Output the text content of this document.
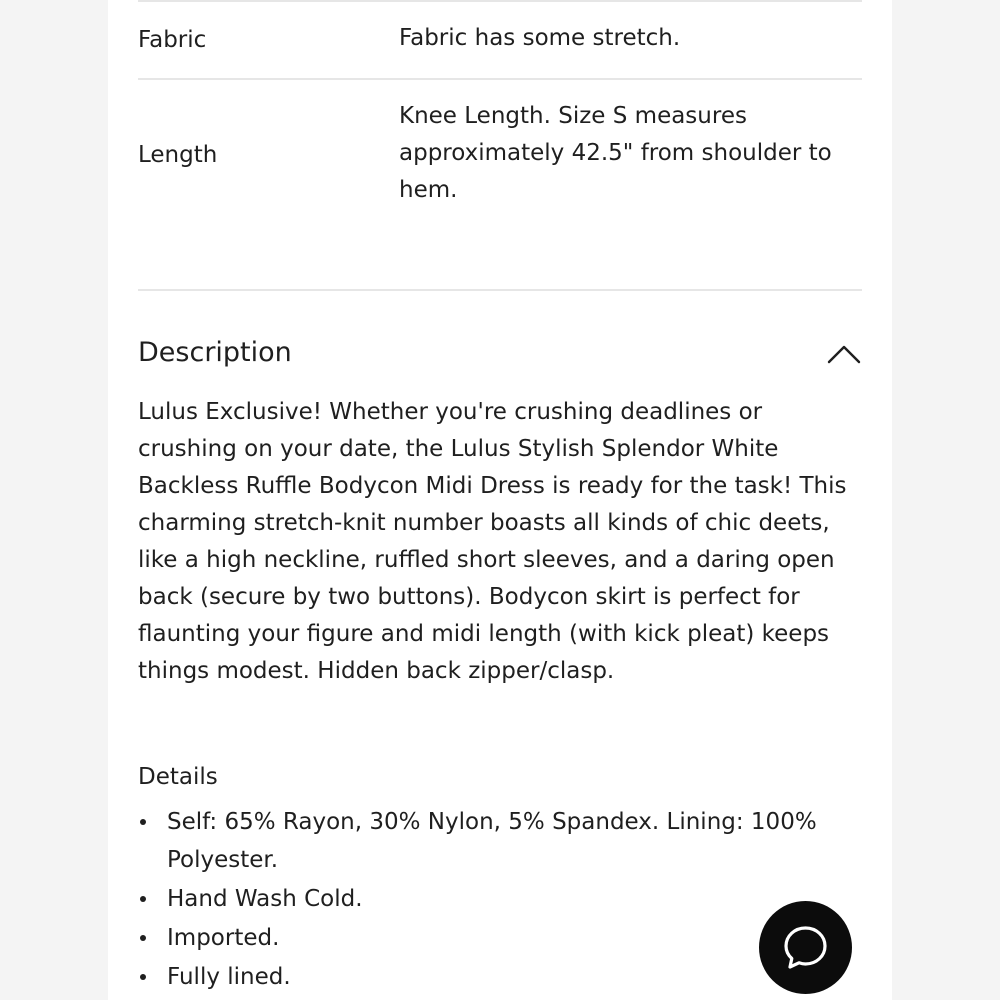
Fabric	Fabric has some stretch.
Length
Knee Length. Size S measures approximately 42.5" from shoulder to hem.
Description
Lulus Exclusive! Whether you're crushing deadlines or crushing on your date, the Lulus Stylish Splendor White Backless Ruffle Bodycon Midi Dress is ready for the task! This charming stretch-knit number boasts all kinds of chic deets, like a high neckline, ruffled short sleeves, and a daring open back (secure by two buttons). Bodycon skirt is perfect for flaunting your figure and midi length (with kick pleat) keeps things modest. Hidden back zipper/clasp.
Details
Self: 65% Rayon, 30% Nylon, 5% Spandex. Lining: 100% Polyester.
Hand Wash Cold.
Imported.
Fully lined.
